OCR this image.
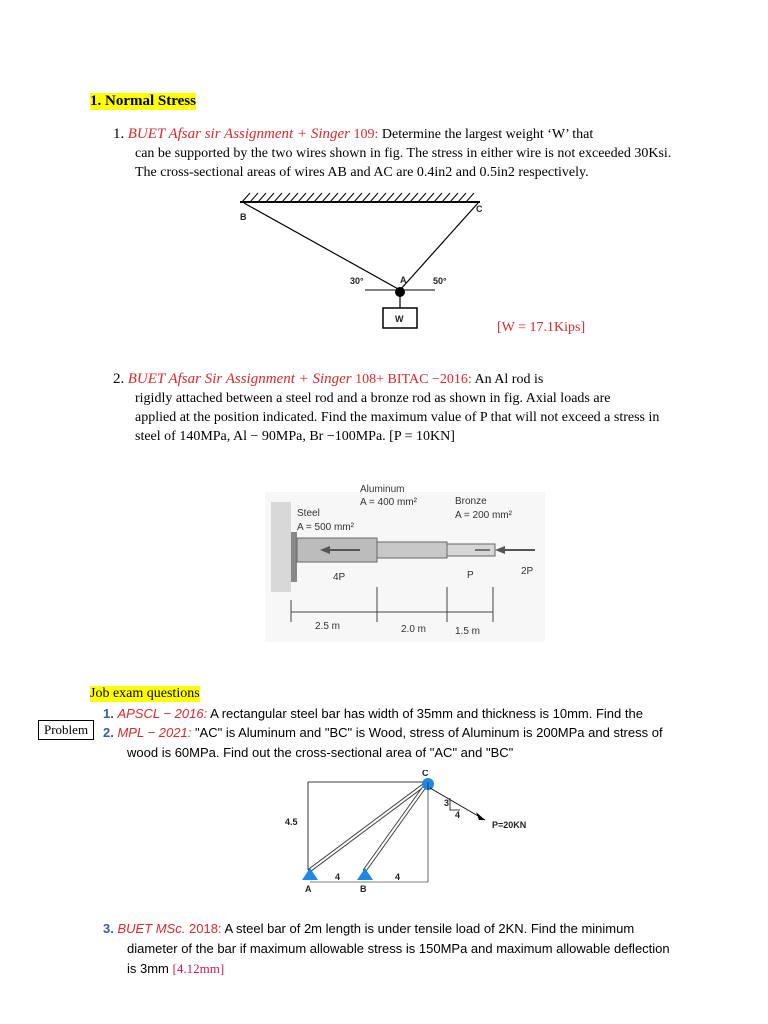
1. Normal Stress
1. BUET Afsar sir Assignment + Singer 109: Determine the largest weight ‘W’ that
can be supported by the two wires shown in fig. The stress in either wire is not exceeded 30Ksi.
The cross-sectional areas of wires AB and AC are 0.4in2 and 0.5in2 respectively.
B
C
A
30°	50°
W
[W = 17.1Kips]
2. BUET Afsar Sir Assignment + Singer 108+ BITAC −2016: An Al rod is
rigidly attached between a steel rod and a bronze rod as shown in fig. Axial loads are
applied at the position indicated. Find the maximum value of P that will not exceed a stress in
steel of 140MPa, Al − 90MPa, Br −100MPa. [P = 10KN]
Aluminum
A = 400 mm²	Bronze
A = 200 mm²
Steel
A = 500 mm²
4P	P	2P
2.5 m	2.0 m	1.5 m
Job exam questions
1. APSCL − 2016: A rectangular steel bar has width of 35mm and thickness is 10mm. Find the
Problem	2. MPL − 2021: "AC" is Aluminum and "BC" is Wood, stress of Aluminum is 200MPa and stress of
wood is 60MPa. Find out the cross-sectional area of "AC" and "BC"
C
A	B
4.5
4	4
3
4
P=20KN
3. BUET MSc. 2018: A steel bar of 2m length is under tensile load of 2KN. Find the minimum
diameter of the bar if maximum allowable stress is 150MPa and maximum allowable deflection
is 3mm [4.12mm]
